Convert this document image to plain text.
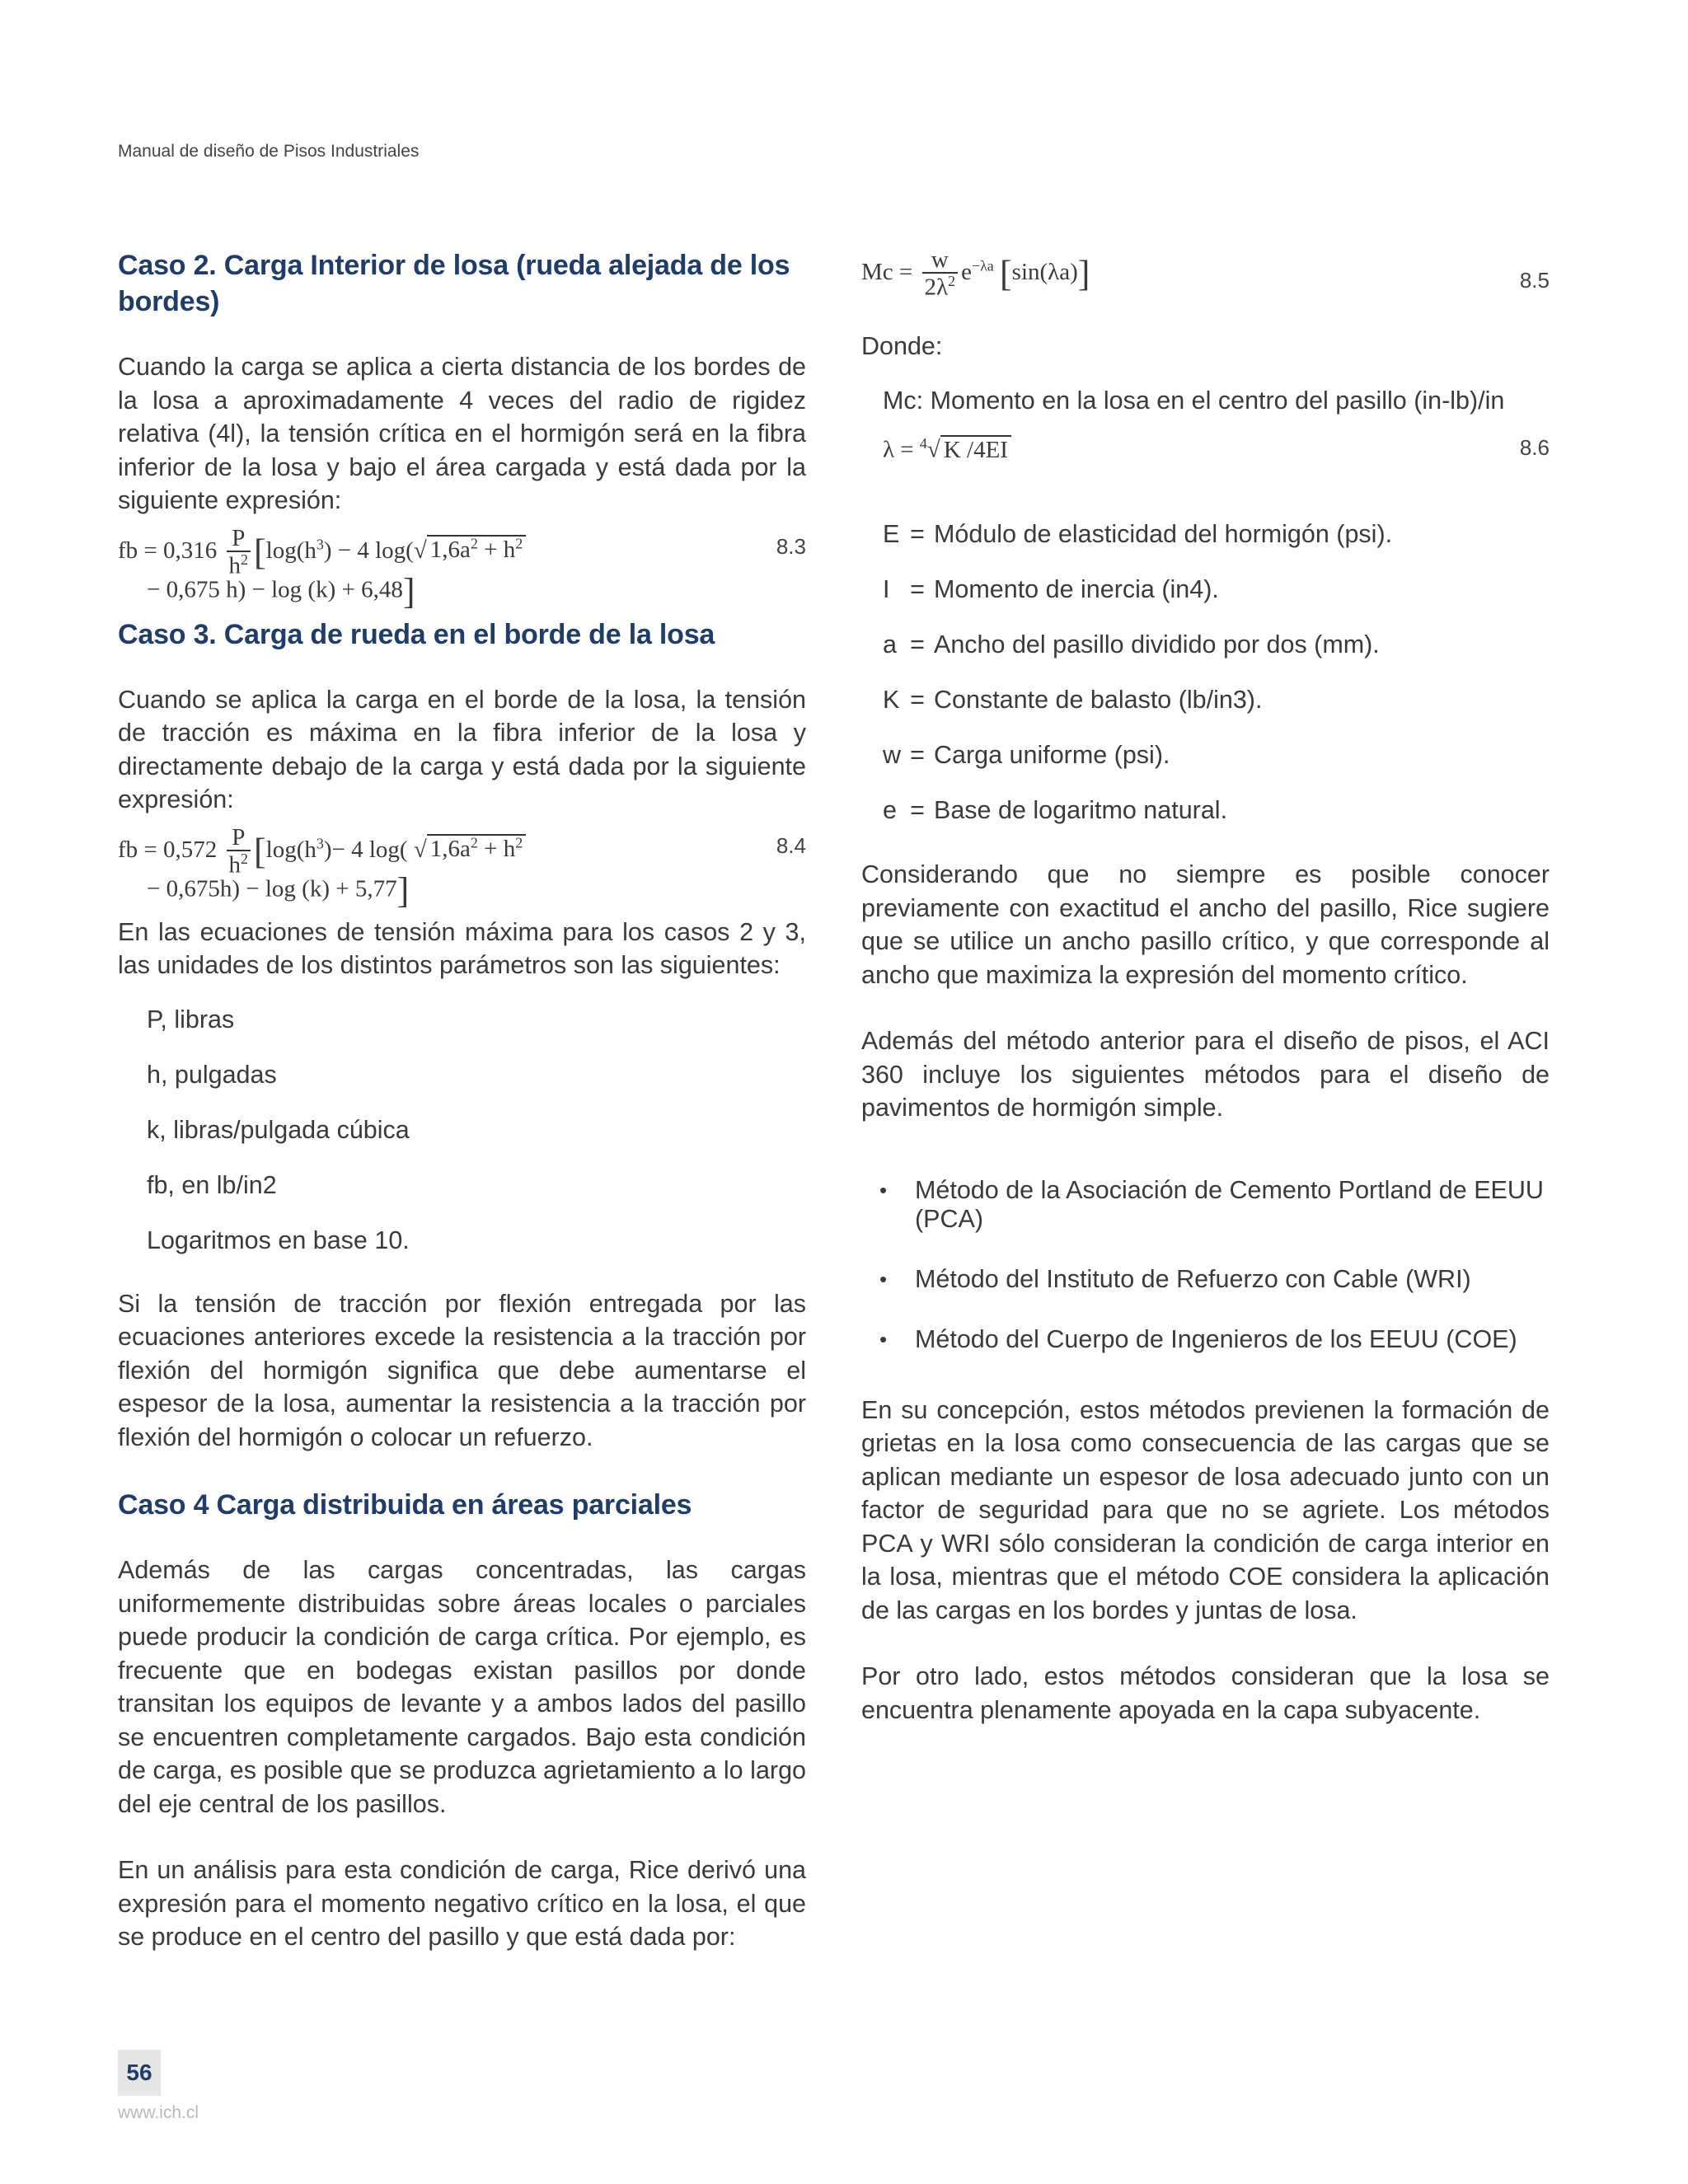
Manual de diseño de Pisos Industriales
Caso 2. Carga Interior de losa (rueda alejada de los bordes)

Cuando la carga se aplica a cierta distancia de los bordes de la losa a aproximadamente 4 veces del radio de rigidez relativa (4l), la tensión crítica en el hormigón será en la fibra inferior de la losa y bajo el área cargada y está dada por la siguiente expresión:

fb = $0,316 \frac{P}{h^2} [\log(h^3) - 4$ log(√ $1,6a^2 + h^2$
− 0,675 h) − log (k) + 6,48]
8.3
Caso 3. Carga de rueda en el borde de la losa

Cuando se aplica la carga en el borde de la losa, la tensión de tracción es máxima en la fibra inferior de la losa y directamente debajo de la carga y está dada por la siguiente expresión:

fb = $0,572 \frac{P}{h^2} [\log(h^3)- 4$ log( √ $1,6a^2 + h^2$
− 0,675h) − log (k) + 5,77]
8.4

En las ecuaciones de tensión máxima para los casos 2 y 3, las unidades de los distintos parámetros son las siguientes:

P, libras
h, pulgadas
k, libras/pulgada cúbica
fb, en lb/in2
Logaritmos en base 10.

Si la tensión de tracción por flexión entregada por las ecuaciones anteriores excede la resistencia a la tracción por flexión del hormigón significa que debe aumentarse el espesor de la losa, aumentar la resistencia a la tracción por flexión del hormigón o colocar un refuerzo.

Caso 4 Carga distribuida en áreas parciales

Además de las cargas concentradas, las cargas uniformemente distribuidas sobre áreas locales o parciales puede producir la condición de carga crítica. Por ejemplo, es frecuente que en bodegas existan pasillos por donde transitan los equipos de levante y a ambos lados del pasillo se encuentren completamente cargados. Bajo esta condición de carga, es posible que se produzca agrietamiento a lo largo del eje central de los pasillos.

En un análisis para esta condición de carga, Rice derivó una expresión para el momento negativo crítico en la losa, el que se produce en el centro del pasillo y que está dada por:

$Mc = \frac{w}{2\lambda^2} e^{-\lambda a}$ [sin(λa)]	8.5

Donde:

Mc: Momento en la losa en el centro del pasillo (in-lb)/in

λ = $^4$√ K /4EI	8.6
E = Módulo de elasticidad del hormigón (psi).
I = Momento de inercia (in4).
a = Ancho del pasillo dividido por dos (mm).
K = Constante de balasto (lb/in3).
w = Carga uniforme (psi).
e = Base de logaritmo natural.

Considerando que no siempre es posible conocer previamente con exactitud el ancho del pasillo, Rice sugiere que se utilice un ancho pasillo crítico, y que corresponde al ancho que maximiza la expresión del momento crítico.

Además del método anterior para el diseño de pisos, el ACI 360 incluye los siguientes métodos para el diseño de pavimentos de hormigón simple.

• Método de la Asociación de Cemento Portland de EEUU (PCA)
• Método del Instituto de Refuerzo con Cable (WRI)
• Método del Cuerpo de Ingenieros de los EEUU (COE)

En su concepción, estos métodos previenen la formación de grietas en la losa como consecuencia de las cargas que se aplican mediante un espesor de losa adecuado junto con un factor de seguridad para que no se agriete. Los métodos PCA y WRI sólo consideran la condición de carga interior en la losa, mientras que el método COE considera la aplicación de las cargas en los bordes y juntas de losa.

Por otro lado, estos métodos consideran que la losa se encuentra plenamente apoyada en la capa subyacente.

56
www.ich.cl
